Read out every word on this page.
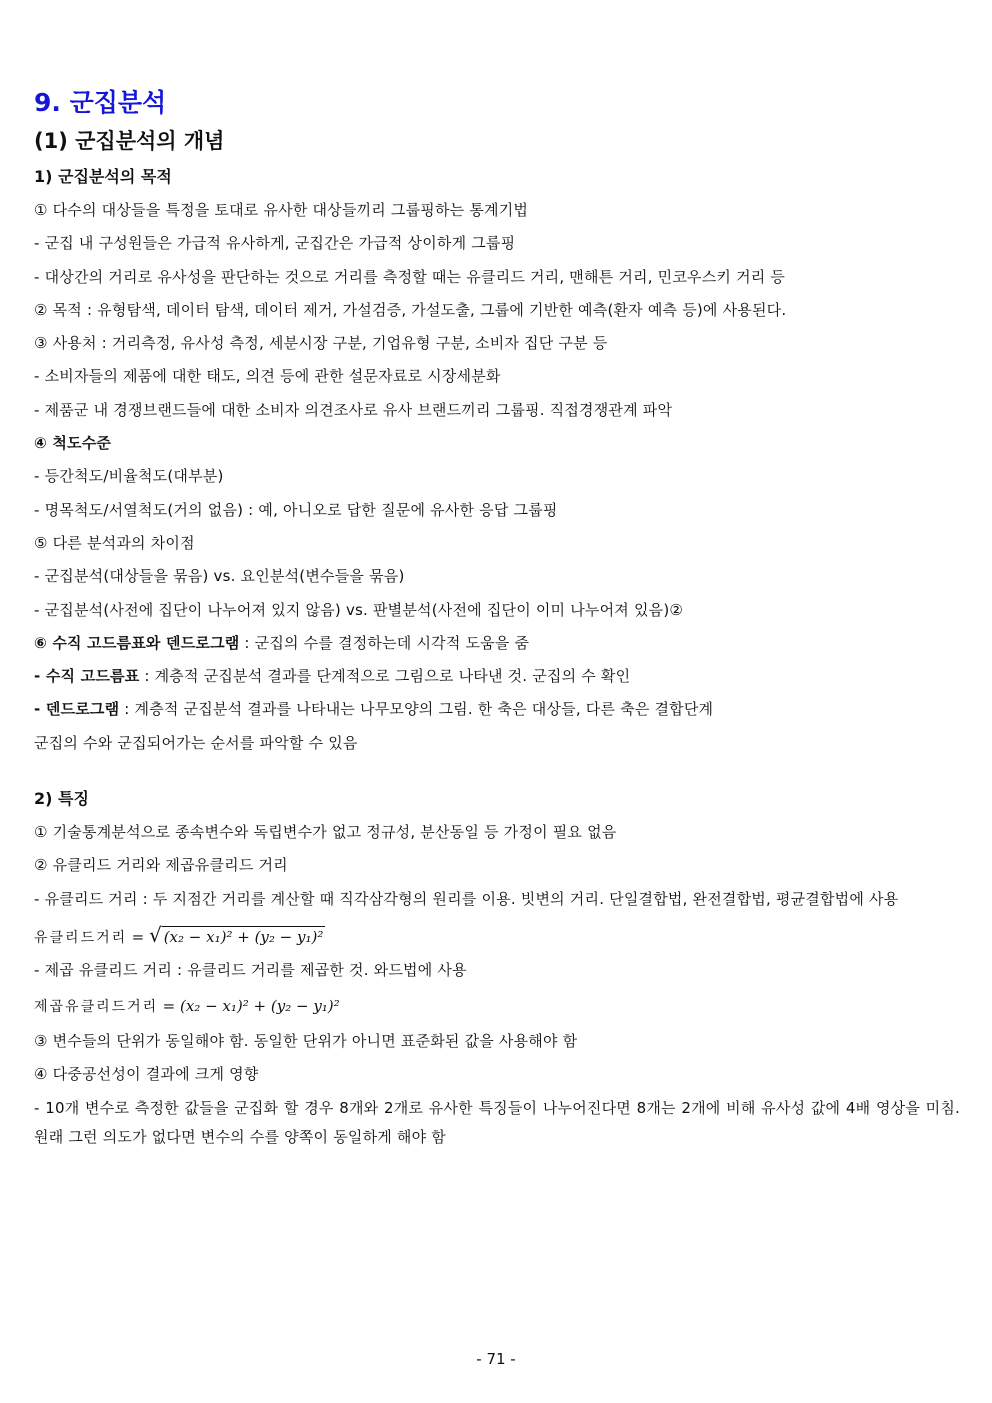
9. 군집분석
(1) 군집분석의 개념
1) 군집분석의 목적
① 다수의 대상들을 특정을 토대로 유사한 대상들끼리 그룹핑하는 통계기법
- 군집 내 구성원들은 가급적 유사하게, 군집간은 가급적 상이하게 그룹핑
- 대상간의 거리로 유사성을 판단하는 것으로 거리를 측정할 때는 유클리드 거리, 맨해튼 거리, 민코우스키 거리 등
② 목적 : 유형탐색, 데이터 탐색, 데이터 제거, 가설검증, 가설도출, 그룹에 기반한 예측(환자 예측 등)에 사용된다.
③ 사용처 : 거리측정, 유사성 측정, 세분시장 구분, 기업유형 구분, 소비자 집단 구분 등
- 소비자들의 제품에 대한 태도, 의견 등에 관한 설문자료로 시장세분화
- 제품군 내 경쟁브랜드들에 대한 소비자 의견조사로 유사 브랜드끼리 그룹핑. 직접경쟁관계 파악
④ 척도수준
- 등간척도/비율척도(대부분)
- 명목척도/서열척도(거의 없음) : 예, 아니오로 답한 질문에 유사한 응답 그룹핑
⑤ 다른 분석과의 차이점
- 군집분석(대상들을 묶음) vs. 요인분석(변수들을 묶음)
- 군집분석(사전에 집단이 나누어져 있지 않음) vs. 판별분석(사전에 집단이 이미 나누어져 있음)②
⑥ 수직 고드름표와 덴드로그램 : 군집의 수를 결정하는데 시각적 도움을 줌
- 수직 고드름표 : 계층적 군집분석 결과를 단계적으로 그림으로 나타낸 것. 군집의 수 확인
- 덴드로그램 : 계층적 군집분석 결과를 나타내는 나무모양의 그림. 한 축은 대상들, 다른 축은 결합단계
군집의 수와 군집되어가는 순서를 파악할 수 있음
2) 특징
① 기술통계분석으로 종속변수와 독립변수가 없고 정규성, 분산동일 등 가정이 필요 없음
② 유클리드 거리와 제곱유클리드 거리
- 유클리드 거리 : 두 지점간 거리를 계산할 때 직각삼각형의 원리를 이용. 빗변의 거리. 단일결합법, 완전결합법, 평균결합법에 사용
유클리드거리 = √ (x₂ − x₁)² + (y₂ − y₁)²
- 제곱 유클리드 거리 : 유클리드 거리를 제곱한 것. 와드법에 사용
제곱유클리드거리 = (x₂ − x₁)² + (y₂ − y₁)²
③ 변수들의 단위가 동일해야 함. 동일한 단위가 아니면 표준화된 값을 사용해야 함
④ 다중공선성이 결과에 크게 영향
- 10개 변수로 측정한 값들을 군집화 할 경우 8개와 2개로 유사한 특징들이 나누어진다면 8개는 2개에 비해 유사성 값에 4배 영상을 미침. 원래 그런 의도가 없다면 변수의 수를 양쪽이 동일하게 해야 함
- 71 -
